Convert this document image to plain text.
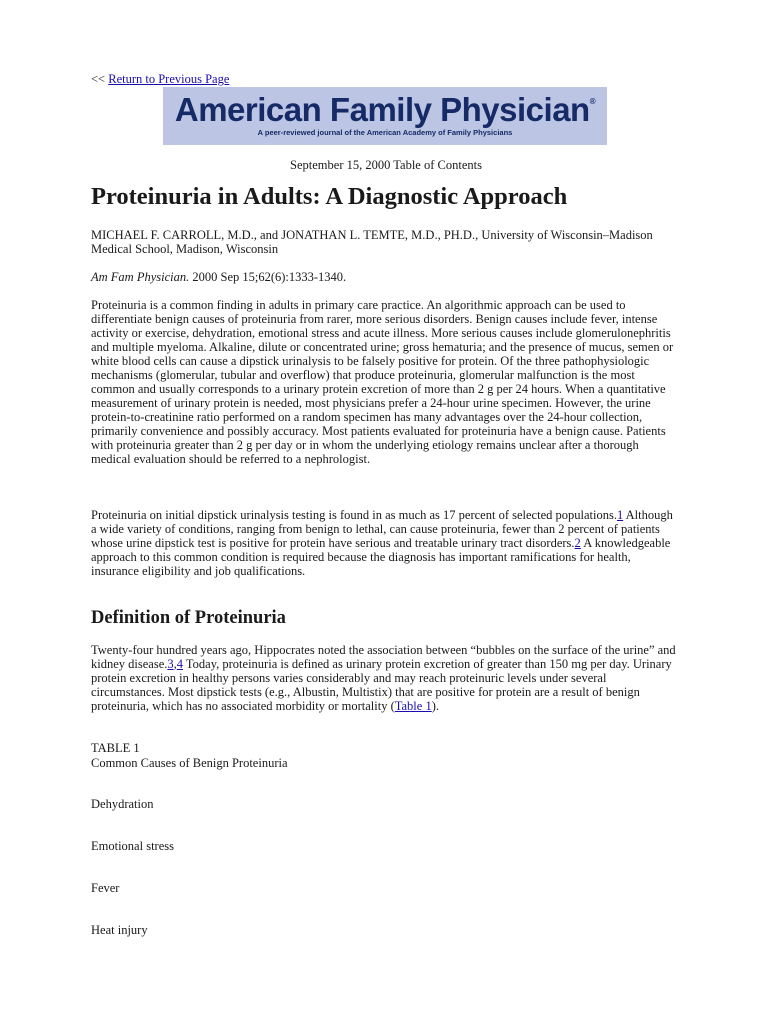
<< Return to Previous Page
American Family Physician®
A peer-reviewed journal of the American Academy of Family Physicians
September 15, 2000 Table of Contents
Proteinuria in Adults: A Diagnostic Approach

MICHAEL F. CARROLL, M.D., and JONATHAN L. TEMTE, M.D., PH.D., University of Wisconsin–Madison Medical School, Madison, Wisconsin

Am Fam Physician. 2000 Sep 15;62(6):1333-1340.

Proteinuria is a common finding in adults in primary care practice. An algorithmic approach can be used to differentiate benign causes of proteinuria from rarer, more serious disorders. Benign causes include fever, intense activity or exercise, dehydration, emotional stress and acute illness. More serious causes include glomerulonephritis and multiple myeloma. Alkaline, dilute or concentrated urine; gross hematuria; and the presence of mucus, semen or white blood cells can cause a dipstick urinalysis to be falsely positive for protein. Of the three pathophysiologic mechanisms (glomerular, tubular and overflow) that produce proteinuria, glomerular malfunction is the most common and usually corresponds to a urinary protein excretion of more than 2 g per 24 hours. When a quantitative measurement of urinary protein is needed, most physicians prefer a 24-hour urine specimen. However, the urine protein-to-creatinine ratio performed on a random specimen has many advantages over the 24-hour collection, primarily convenience and possibly accuracy. Most patients evaluated for proteinuria have a benign cause. Patients with proteinuria greater than 2 g per day or in whom the underlying etiology remains unclear after a thorough medical evaluation should be referred to a nephrologist.

Proteinuria on initial dipstick urinalysis testing is found in as much as 17 percent of selected populations.1 Although a wide variety of conditions, ranging from benign to lethal, can cause proteinuria, fewer than 2 percent of patients whose urine dipstick test is positive for protein have serious and treatable urinary tract disorders.2 A knowledgeable approach to this common condition is required because the diagnosis has important ramifications for health, insurance eligibility and job qualifications.

Definition of Proteinuria

Twenty-four hundred years ago, Hippocrates noted the association between “bubbles on the surface of the urine” and kidney disease.3,4 Today, proteinuria is defined as urinary protein excretion of greater than 150 mg per day. Urinary protein excretion in healthy persons varies considerably and may reach proteinuric levels under several circumstances. Most dipstick tests (e.g., Albustin, Multistix) that are positive for protein are a result of benign proteinuria, which has no associated morbidity or mortality (Table 1).

TABLE 1
Common Causes of Benign Proteinuria
Dehydration
Emotional stress
Fever
Heat injury
